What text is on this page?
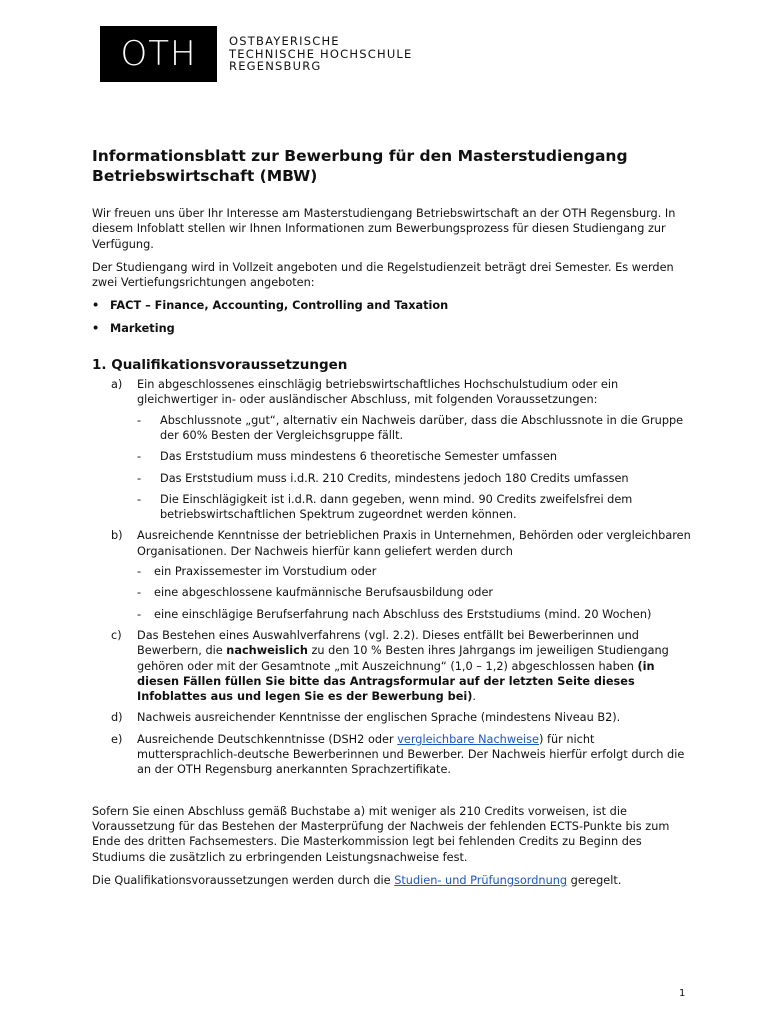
OTH	OSTBAYERISCHE
TECHNISCHE HOCHSCHULE
REGENSBURG
Informationsblatt zur Bewerbung für den Masterstudiengang
Betriebswirtschaft (MBW)

Wir freuen uns über Ihr Interesse am Masterstudiengang Betriebswirtschaft an der OTH Regensburg. In diesem Infoblatt stellen wir Ihnen Informationen zum Bewerbungsprozess für diesen Studiengang zur Verfügung.

Der Studiengang wird in Vollzeit angeboten und die Regelstudienzeit beträgt drei Semester. Es werden zwei Vertiefungsrichtungen angeboten:

• FACT – Finance, Accounting, Controlling and Taxation
• Marketing
1. Qualifikationsvoraussetzungen
a) Ein abgeschlossenes einschlägig betriebswirtschaftliches Hochschulstudium oder ein gleichwertiger in- oder ausländischer Abschluss, mit folgenden Voraussetzungen:
- Abschlussnote „gut“, alternativ ein Nachweis darüber, dass die Abschlussnote in die Gruppe der 60% Besten der Vergleichsgruppe fällt.
- Das Erststudium muss mindestens 6 theoretische Semester umfassen
- Das Erststudium muss i.d.R. 210 Credits, mindestens jedoch 180 Credits umfassen
- Die Einschlägigkeit ist i.d.R. dann gegeben, wenn mind. 90 Credits zweifelsfrei dem betriebswirtschaftlichen Spektrum zugeordnet werden können.
b) Ausreichende Kenntnisse der betrieblichen Praxis in Unternehmen, Behörden oder vergleichbaren Organisationen. Der Nachweis hierfür kann geliefert werden durch
- ein Praxissemester im Vorstudium oder
- eine abgeschlossene kaufmännische Berufsausbildung oder
- eine einschlägige Berufserfahrung nach Abschluss des Erststudiums (mind. 20 Wochen)
c) Das Bestehen eines Auswahlverfahrens (vgl. 2.2). Dieses entfällt bei Bewerberinnen und Bewerbern, die nachweislich zu den 10 % Besten ihres Jahrgangs im jeweiligen Studiengang gehören oder mit der Gesamtnote „mit Auszeichnung“ (1,0 – 1,2) abgeschlossen haben (in diesen Fällen füllen Sie bitte das Antragsformular auf der letzten Seite dieses Infoblattes aus und legen Sie es der Bewerbung bei).
d) Nachweis ausreichender Kenntnisse der englischen Sprache (mindestens Niveau B2).
e) Ausreichende Deutschkenntnisse (DSH2 oder vergleichbare Nachweise) für nicht muttersprachlich-deutsche Bewerberinnen und Bewerber. Der Nachweis hierfür erfolgt durch die an der OTH Regensburg anerkannten Sprachzertifikate.

Sofern Sie einen Abschluss gemäß Buchstabe a) mit weniger als 210 Credits vorweisen, ist die Voraussetzung für das Bestehen der Masterprüfung der Nachweis der fehlenden ECTS-Punkte bis zum Ende des dritten Fachsemesters. Die Masterkommission legt bei fehlenden Credits zu Beginn des Studiums die zusätzlich zu erbringenden Leistungsnachweise fest.

Die Qualifikationsvoraussetzungen werden durch die Studien- und Prüfungsordnung geregelt.

1
